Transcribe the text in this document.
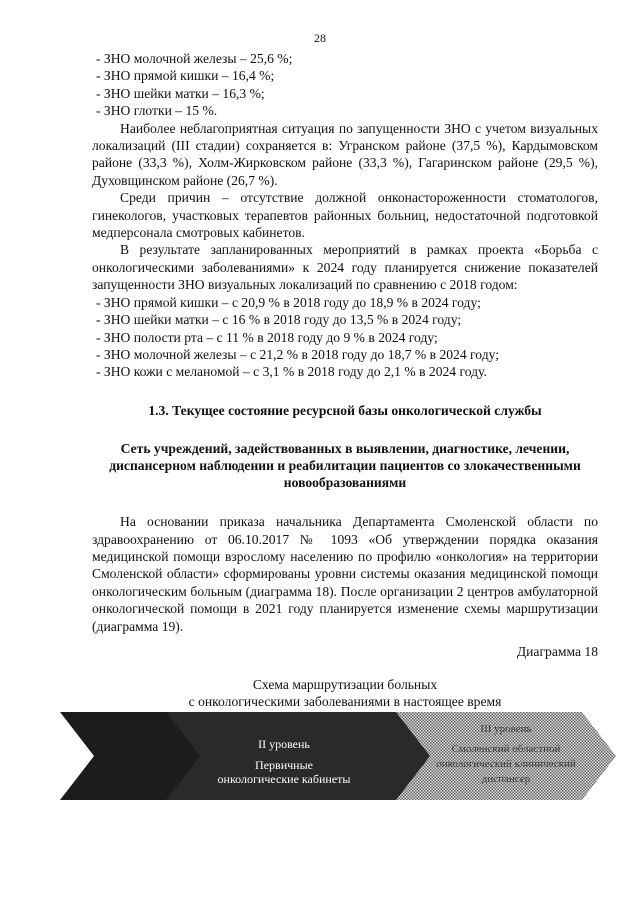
28
- ЗНО молочной железы – 25,6 %;
- ЗНО прямой кишки – 16,4 %;
- ЗНО шейки матки – 16,3 %;
- ЗНО глотки – 15 %.

Наиболее неблагоприятная ситуация по запущенности ЗНО с учетом визуальных локализаций (III стадии) сохраняется в: Угранском районе (37,5 %), Кардымовском районе (33,3 %), Холм-Жирковском районе (33,3 %), Гагаринском районе (29,5 %), Духовщинском районе (26,7 %).

Среди причин – отсутствие должной онконастороженности стоматологов, гинекологов, участковых терапевтов районных больниц, недостаточной подготовкой медперсонала смотровых кабинетов.

В результате запланированных мероприятий в рамках проекта «Борьба с онкологическими заболеваниями» к 2024 году планируется снижение показателей запущенности ЗНО визуальных локализаций по сравнению с 2018 годом:

- ЗНО прямой кишки – с 20,9 % в 2018 году до 18,9 % в 2024 году;
- ЗНО шейки матки – с 16 % в 2018 году до 13,5 % в 2024 году;
- ЗНО полости рта – с 11 % в 2018 году до 9 % в 2024 году;
- ЗНО молочной железы – с 21,2 % в 2018 году до 18,7 % в 2024 году;
- ЗНО кожи с меланомой – с 3,1 % в 2018 году до 2,1 % в 2024 году.
1.3. Текущее состояние ресурсной базы онкологической службы
Сеть учреждений, задействованных в выявлении, диагностике, лечении, диспансерном наблюдении и реабилитации пациентов со злокачественными новообразованиями

На основании приказа начальника Департамента Смоленской области по здравоохранению от 06.10.2017 № 1093 «Об утверждении порядка оказания медицинской помощи взрослому населению по профилю «онкология» на территории Смоленской области» сформированы уровни системы оказания медицинской помощи онкологическим больным (диаграмма 18). После организации 2 центров амбулаторной онкологической помощи в 2021 году планируется изменение схемы маршрутизации (диаграмма 19).

Диаграмма 18
Схема маршрутизации больных
с онкологическими заболеваниями в настоящее время
II уровень
Первичные
онкологические кабинеты
III уровень
Смоленский областной
онкологический клинический
диспансер
